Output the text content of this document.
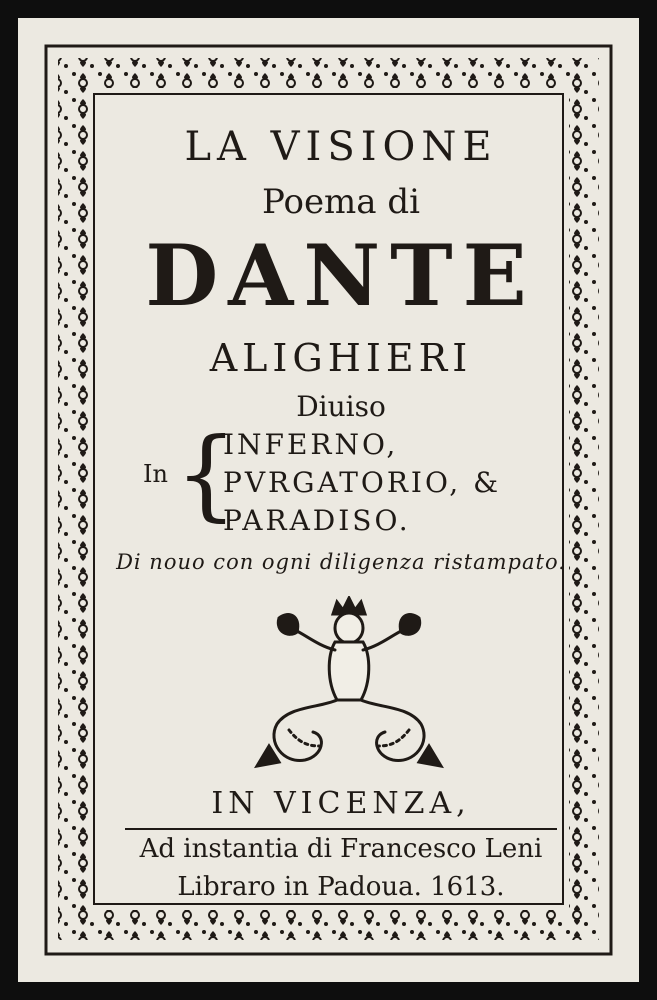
LA VISIONE
Poema di
DANTE
ALIGHIERI
Diuiso
In {
INFERNO,
PVRGATORIO, &
PARADISO.
Di nouo con ogni diligenza ristampato.
IN VICENZA,
Ad instantia di Francesco Leni
Libraro in Padoua. 1613.
